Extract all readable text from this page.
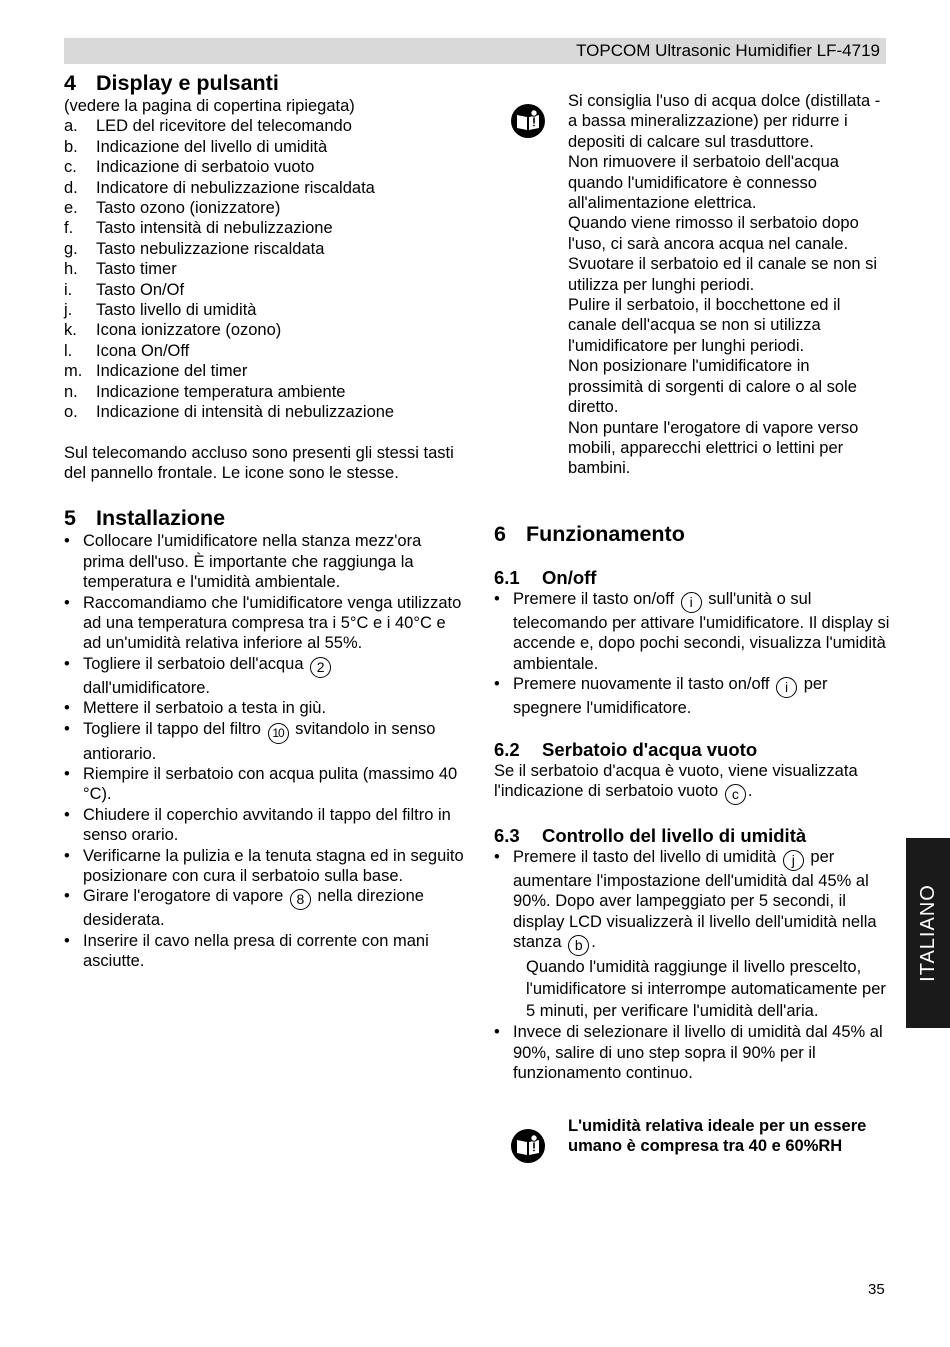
TOPCOM Ultrasonic Humidifier LF-4719
4 Display e pulsanti

(vedere la pagina di copertina ripiegata)

a. LED del ricevitore del telecomando
b. Indicazione del livello di umidità
c. Indicazione di serbatoio vuoto
d. Indicatore di nebulizzazione riscaldata
e. Tasto ozono (ionizzatore)
f. Tasto intensità di nebulizzazione
g. Tasto nebulizzazione riscaldata
h. Tasto timer
i. Tasto On/Of
j. Tasto livello di umidità
k. Icona ionizzatore (ozono)
l. Icona On/Off
m. Indicazione del timer
n. Indicazione temperatura ambiente
o. Indicazione di intensità di nebulizzazione

Sul telecomando accluso sono presenti gli stessi tasti del pannello frontale. Le icone sono le stesse.

5 Installazione
• Collocare l'umidificatore nella stanza mezz'ora prima dell'uso. È importante che raggiunga la temperatura e l'umidità ambientale.
• Raccomandiamo che l'umidificatore venga utilizzato ad una temperatura compresa tra i 5°C e i 40°C e ad un'umidità relativa inferiore al 55%.
• Togliere il serbatoio dell'acqua 2 dall'umidificatore.
• Mettere il serbatoio a testa in giù.
• Togliere il tappo del filtro 10 svitandolo in senso antiorario.
• Riempire il serbatoio con acqua pulita (massimo 40 °C).
• Chiudere il coperchio avvitando il tappo del filtro in senso orario.
• Verificarne la pulizia e la tenuta stagna ed in seguito posizionare con cura il serbatoio sulla base.
• Girare l'erogatore di vapore 8 nella direzione desiderata.
• Inserire il cavo nella presa di corrente con mani asciutte.

Si consiglia l'uso di acqua dolce (distillata - a bassa mineralizzazione) per ridurre i depositi di calcare sul trasduttore.

Non rimuovere il serbatoio dell'acqua quando l'umidificatore è connesso all'alimentazione elettrica.

Quando viene rimosso il serbatoio dopo l'uso, ci sarà ancora acqua nel canale. Svuotare il serbatoio ed il canale se non si utilizza per lunghi periodi.

Pulire il serbatoio, il bocchettone ed il canale dell'acqua se non si utilizza l'umidificatore per lunghi periodi.

Non posizionare l'umidificatore in prossimità di sorgenti di calore o al sole diretto.

Non puntare l'erogatore di vapore verso mobili, apparecchi elettrici o lettini per bambini.

6 Funzionamento
6.1 On/off
• Premere il tasto on/off i sull'unità o sul telecomando per attivare l'umidificatore. Il display si accende e, dopo pochi secondi, visualizza l'umidità ambientale.
• Premere nuovamente il tasto on/off i per spegnere l'umidificatore.
6.2 Serbatoio d'acqua vuoto

Se il serbatoio d'acqua è vuoto, viene visualizzata l'indicazione di serbatoio vuoto c .

6.3 Controllo del livello di umidità
• Premere il tasto del livello di umidità j per aumentare l'impostazione dell'umidità dal 45% al 90%. Dopo aver lampeggiato per 5 secondi, il display LCD visualizzerà il livello dell'umidità nella stanza b .

Quando l'umidità raggiunge il livello prescelto, l'umidificatore si interrompe automaticamente per 5 minuti, per verificare l'umidità dell'aria.

• Invece di selezionare il livello di umidità dal 45% al 90%, salire di uno step sopra il 90% per il funzionamento continuo.

L'umidità relativa ideale per un essere umano è compresa tra 40 e 60%RH

ITALIANO
35
